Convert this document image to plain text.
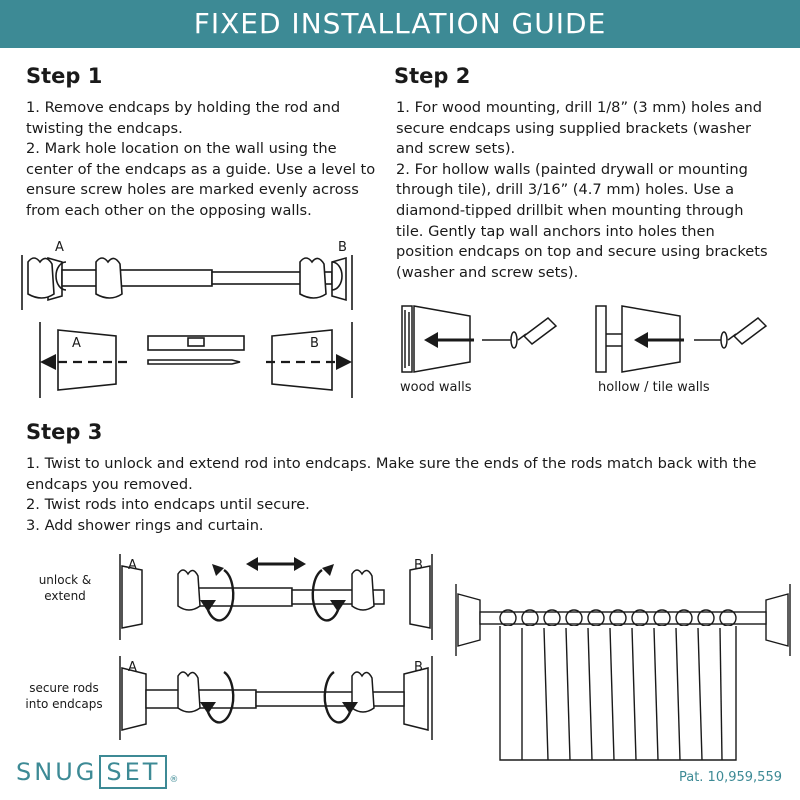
FIXED INSTALLATION GUIDE
Step 1
1. Remove endcaps by holding the rod and twisting the endcaps.
2. Mark hole location on the wall using the center of the endcaps as a guide. Use a level to ensure screw holes are marked evenly across from each other on the opposing walls.
A	B
A	B
Step 2
1. For wood mounting, drill 1/8” (3 mm) holes and secure endcaps using supplied brackets (washer and screw sets).
2. For hollow walls (painted drywall or mounting through tile), drill 3/16” (4.7 mm) holes. Use a diamond-tipped drillbit when mounting through tile. Gently tap wall anchors into holes then position endcaps on top and secure using brackets (washer and screw sets).
wood walls	hollow / tile walls
Step 3
1. Twist to unlock and extend rod into endcaps. Make sure the ends of the rods match back with the endcaps you removed.
2. Twist rods into endcaps until secure.
3. Add shower rings and curtain.
unlock &
extend
secure rods
into endcaps
A	B
A	B
SNUG SET	®	Pat. 10,959,559
